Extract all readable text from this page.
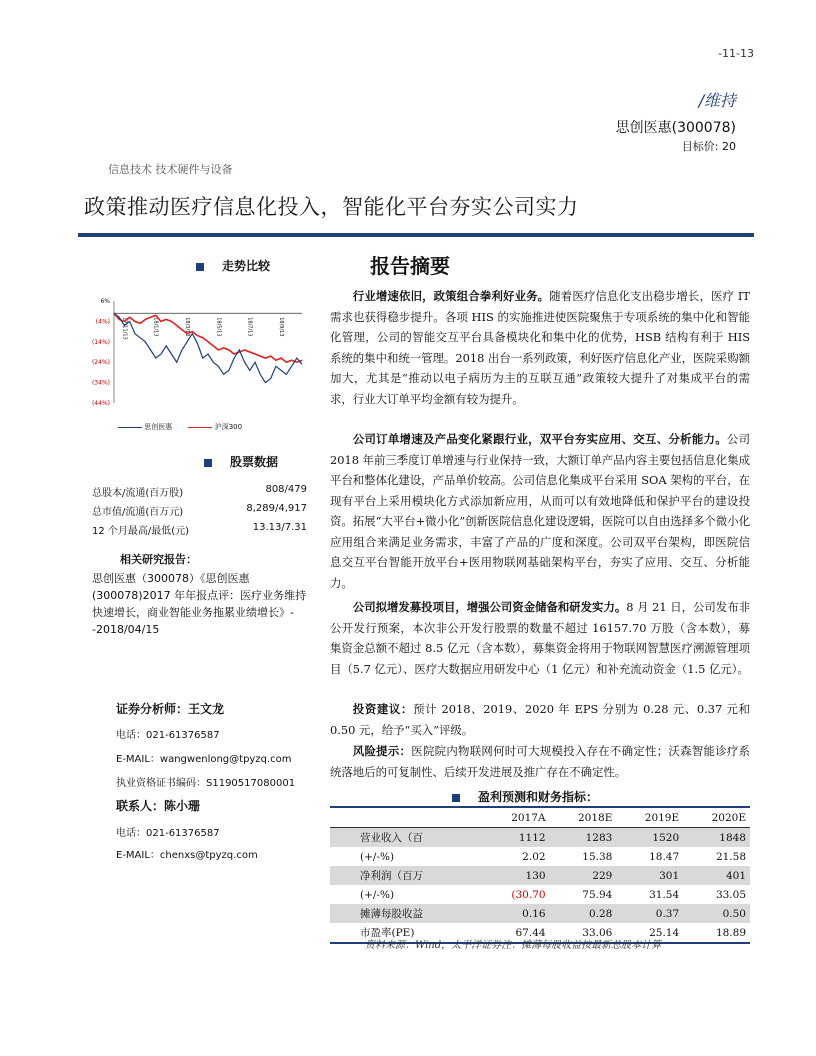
-11-13
/维持
思创医惠(300078)
目标价: 20
信息技术 技术硬件与设备
政策推动医疗信息化投入，智能化平台夯实公司实力
走势比较
6%
(4%)
(14%)
(24%)
(34%)
(44%)
17/11/13	18/1/13	18/3/13	18/5/13	18/7/13	18/9/13
思创医惠	沪深300
股票数据
总股本/流通(百万股)	808/479
总市值/流通(百万元)	8,289/4,917
12 个月最高/最低(元)	13.13/7.31
相关研究报告：
思创医惠（300078）《思创医惠(300078)2017 年年报点评：医疗业务维持快速增长，商业智能业务拖累业绩增长》--2018/04/15
证券分析师：王文龙
电话：021-61376587
E-MAIL：wangwenlong@tpyzq.com
执业资格证书编码：S1190517080001
联系人：陈小珊
电话：021-61376587
E-MAIL：chenxs@tpyzq.com
报告摘要
行业增速依旧，政策组合拳利好业务。随着医疗信息化支出稳步增长，医疗 IT 需求也获得稳步提升。各项 HIS 的实施推进使医院聚焦于专项系统的集中化和智能化管理，公司的智能交互平台具备模块化和集中化的优势，HSB 结构有利于 HIS 系统的集中和统一管理。2018 出台一系列政策，利好医疗信息化产业，医院采购额加大，尤其是“推动以电子病历为主的互联互通”政策较大提升了对集成平台的需求，行业大订单平均金额有较为提升。
公司订单增速及产品变化紧跟行业，双平台夯实应用、交互、分析能力。公司 2018 年前三季度订单增速与行业保持一致，大额订单产品内容主要包括信息化集成平台和整体化建设，产品单价较高。公司信息化集成平台采用 SOA 架构的平台，在现有平台上采用模块化方式添加新应用，从而可以有效地降低和保护平台的建设投资。拓展“大平台+微小化”创新医院信息化建设逻辑，医院可以自由选择多个微小化应用组合来满足业务需求，丰富了产品的广度和深度。公司双平台架构，即医院信息交互平台智能开放平台+医用物联网基础架构平台，夯实了应用、交互、分析能力。
公司拟增发募投项目，增强公司资金储备和研发实力。8 月 21 日，公司发布非公开发行预案，本次非公开发行股票的数量不超过 16157.70 万股（含本数），募集资金总额不超过 8.5 亿元（含本数），募集资金将用于物联网智慧医疗溯源管理项目（5.7 亿元）、医疗大数据应用研发中心（1 亿元）和补充流动资金（1.5 亿元）。
投资建议：预计 2018、2019、2020 年 EPS 分别为 0.28 元、0.37 元和 0.50 元，给予“买入”评级。
风险提示：医院院内物联网何时可大规模投入存在不确定性；沃森智能诊疗系统落地后的可复制性、后续开发进展及推广存在不确定性。
盈利预测和财务指标：
	2017A	2018E	2019E	2020E
营业收入（百	1112	1283	1520	1848
(+/-%)	2.02	15.38	18.47	21.58
净利润（百万	130	229	301	401
(+/-%)	(30.70	75.94	31.54	33.05
摊薄每股收益	0.16	0.28	0.37	0.50
市盈率(PE)	67.44	33.06	25.14	18.89
资料来源：Wind，太平洋证券注：摊薄每股收益按最新总股本计算
